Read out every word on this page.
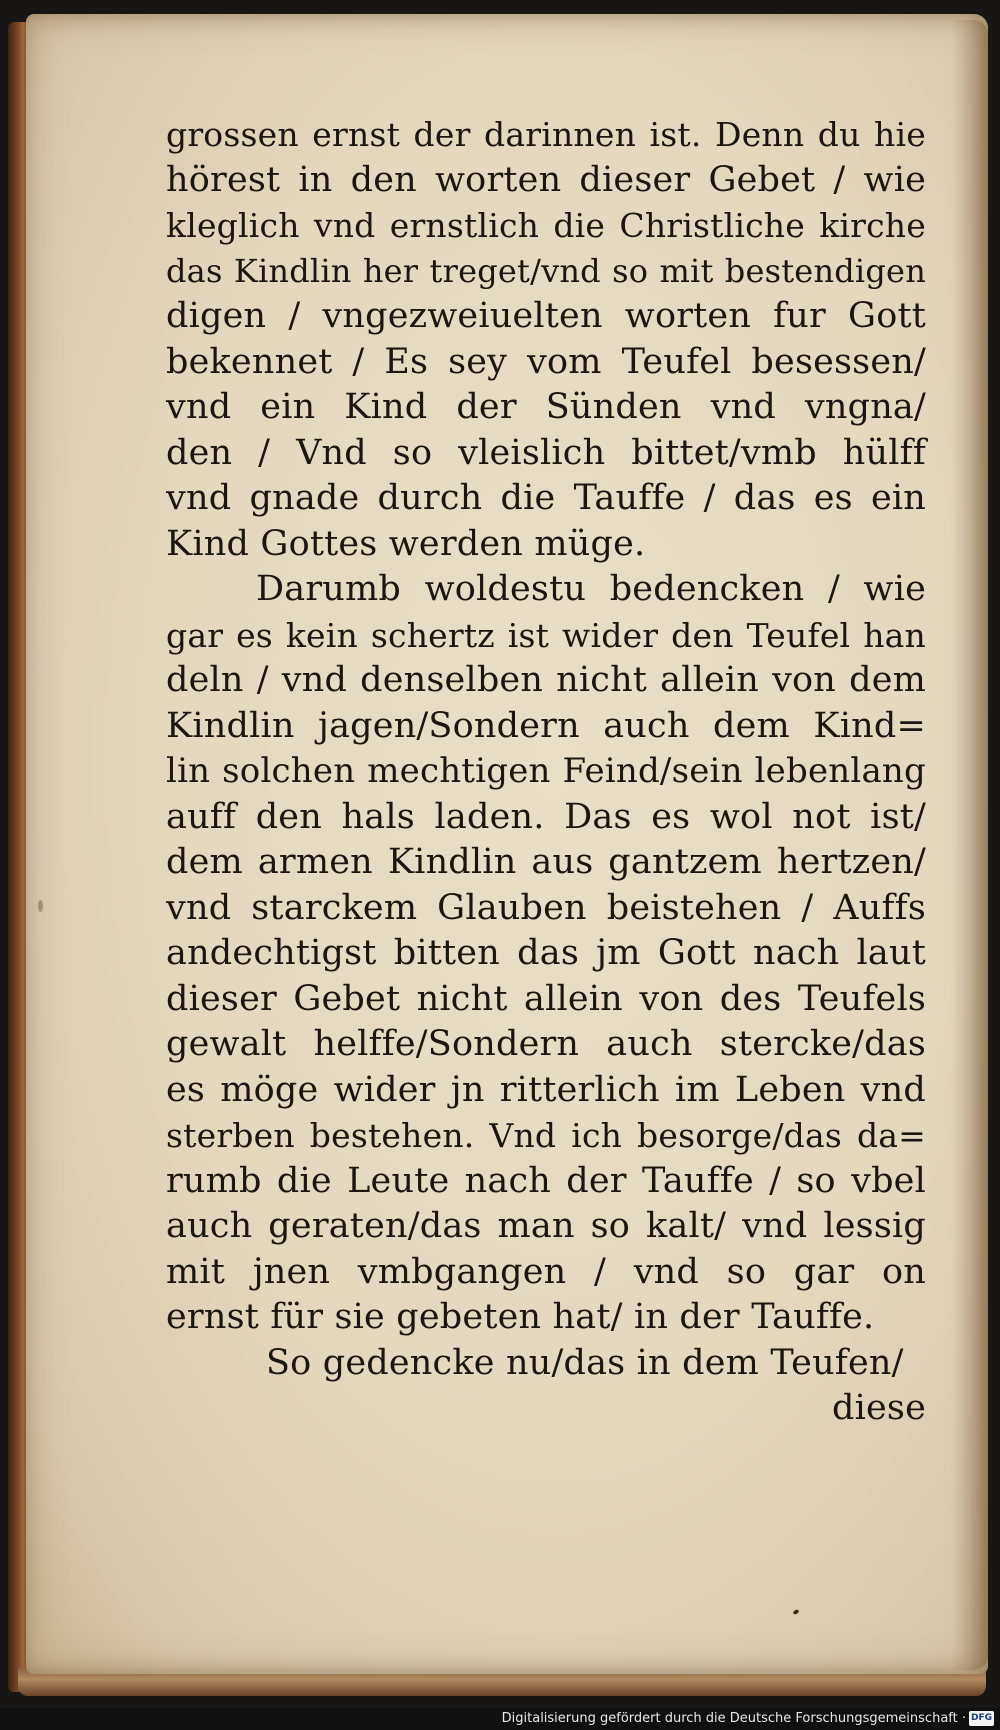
grossen ernst der darinnen ist. Denn du hie
hörest in den worten dieser Gebet / wie
kleglich vnd ernstlich die Christliche kirche
das Kindlin her treget/vnd so mit bestendigen
digen / vngezweiuelten worten fur Gott
bekennet / Es sey vom Teufel besessen/
vnd ein Kind der Sünden vnd vngna/
den / Vnd so vleislich bittet/vmb hülff
vnd gnade durch die Tauffe / das es ein
Kind Gottes werden müge.
Darumb woldestu bedencken / wie
gar es kein schertz ist wider den Teufel han
deln / vnd denselben nicht allein von dem
Kindlin jagen/Sondern auch dem Kind=
lin solchen mechtigen Feind/sein lebenlang
auff den hals laden. Das es wol not ist/
dem armen Kindlin aus gantzem hertzen/
vnd starckem Glauben beistehen / Auffs
andechtigst bitten das jm Gott nach laut
dieser Gebet nicht allein von des Teufels
gewalt helffe/Sondern auch stercke/das
es möge wider jn ritterlich im Leben vnd
sterben bestehen. Vnd ich besorge/das da=
rumb die Leute nach der Tauffe / so vbel
auch geraten/das man so kalt/ vnd lessig
mit jnen vmbgangen / vnd so gar on
ernst für sie gebeten hat/ in der Tauffe.
So gedencke nu/das in dem Teufen/
diese
Digitalisierung gefördert durch die Deutsche Forschungsgemeinschaft · DFG
